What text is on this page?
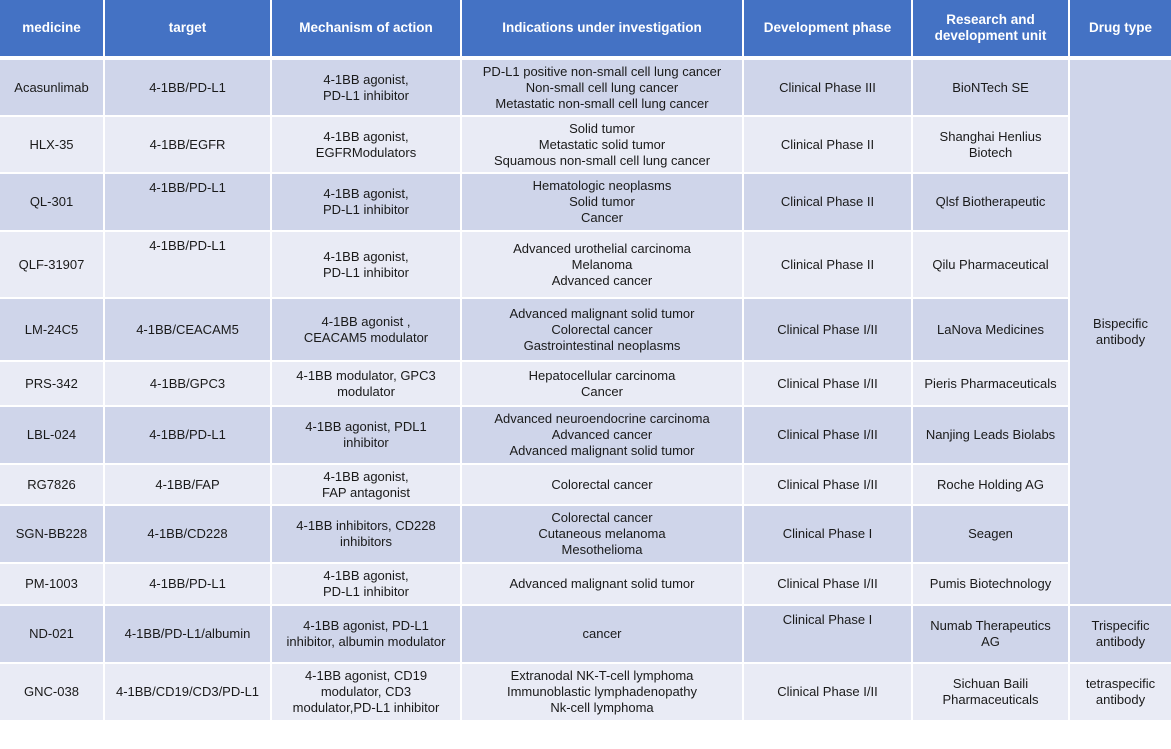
medicine	target	Mechanism of action	Indications under investigation	Development phase	Research and
development unit	Drug type
Acasunlimab	4-1BB/PD-L1	4-1BB agonist,
PD-L1 inhibitor	PD-L1 positive non-small cell lung cancer
Non-small cell lung cancer
Metastatic non-small cell lung cancer	Clinical Phase III	BioNTech SE	Bispecific
antibody

HLX-35	4-1BB/EGFR	4-1BB agonist,
EGFRModulators	Solid tumor
Metastatic solid tumor
Squamous non-small cell lung cancer	Clinical Phase II	Shanghai Henlius
Biotech	

QL-301	4-1BB/PD-L1	4-1BB agonist,
PD-L1 inhibitor	Hematologic neoplasms
Solid tumor
Cancer	Clinical Phase II	Qlsf Biotherapeutic	

QLF-31907	4-1BB/PD-L1	4-1BB agonist,
PD-L1 inhibitor	Advanced urothelial carcinoma
Melanoma
Advanced cancer	Clinical Phase II	Qilu Pharmaceutical	

LM-24C5	4-1BB/CEACAM5	4-1BB agonist ,
CEACAM5 modulator	Advanced malignant solid tumor
Colorectal cancer
Gastrointestinal neoplasms	Clinical Phase I/II	LaNova Medicines	

PRS-342	4-1BB/GPC3	4-1BB modulator, GPC3
modulator	Hepatocellular carcinoma
Cancer	Clinical Phase I/II	Pieris Pharmaceuticals	

LBL-024	4-1BB/PD-L1	4-1BB agonist, PDL1
inhibitor	Advanced neuroendocrine carcinoma
Advanced cancer
Advanced malignant solid tumor	Clinical Phase I/II	Nanjing Leads Biolabs	

RG7826	4-1BB/FAP	4-1BB agonist,
FAP antagonist	Colorectal cancer	Clinical Phase I/II	Roche Holding AG	

SGN-BB228	4-1BB/CD228	4-1BB inhibitors, CD228
inhibitors	Colorectal cancer
Cutaneous melanoma
Mesothelioma	Clinical Phase I	Seagen	

PM-1003	4-1BB/PD-L1	4-1BB agonist,
PD-L1 inhibitor	Advanced malignant solid tumor	Clinical Phase I/II	Pumis Biotechnology	

ND-021	4-1BB/PD-L1/albumin	4-1BB agonist, PD-L1
inhibitor, albumin modulator	cancer	Clinical Phase I	Numab Therapeutics
AG	Trispecific
antibody

GNC-038	4-1BB/CD19/CD3/PD-L1	4-1BB agonist, CD19
modulator, CD3
modulator,PD-L1 inhibitor	Extranodal NK-T-cell lymphoma
Immunoblastic lymphadenopathy
Nk-cell lymphoma	Clinical Phase I/II	Sichuan Baili
Pharmaceuticals	tetraspecific
antibody
